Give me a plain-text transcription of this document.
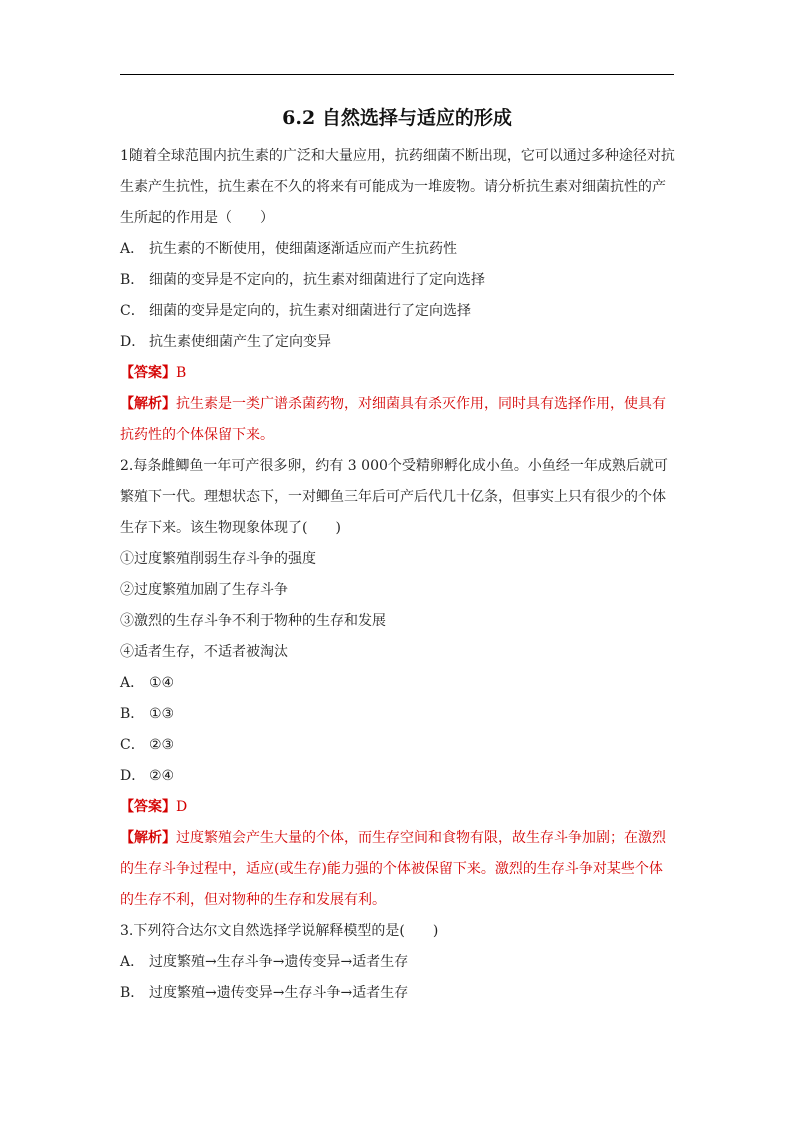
6.2 自然选择与适应的形成

1随着全球范围内抗生素的广泛和大量应用，抗药细菌不断出现，它可以通过多种途径对抗生素产生抗性，抗生素在不久的将来有可能成为一堆废物。请分析抗生素对细菌抗性的产生所起的作用是（　　）

A． 抗生素的不断使用，使细菌逐渐适应而产生抗药性

B． 细菌的变异是不定向的，抗生素对细菌进行了定向选择

C． 细菌的变异是定向的，抗生素对细菌进行了定向选择

D． 抗生素使细菌产生了定向变异

【答案】B

【解析】抗生素是一类广谱杀菌药物，对细菌具有杀灭作用，同时具有选择作用，使具有抗药性的个体保留下来。

2.每条雌鲫鱼一年可产很多卵，约有 3 000个受精卵孵化成小鱼。小鱼经一年成熟后就可繁殖下一代。理想状态下，一对鲫鱼三年后可产后代几十亿条，但事实上只有很少的个体生存下来。该生物现象体现了(　　)

①过度繁殖削弱生存斗争的强度

②过度繁殖加剧了生存斗争

③激烈的生存斗争不利于物种的生存和发展

④适者生存，不适者被淘汰

A． ①④

B． ①③

C． ②③

D． ②④

【答案】D

【解析】过度繁殖会产生大量的个体，而生存空间和食物有限，故生存斗争加剧；在激烈的生存斗争过程中，适应(或生存)能力强的个体被保留下来。激烈的生存斗争对某些个体的生存不利，但对物种的生存和发展有利。

3.下列符合达尔文自然选择学说解释模型的是(　　)

A． 过度繁殖→生存斗争→遗传变异→适者生存

B． 过度繁殖→遗传变异→生存斗争→适者生存
